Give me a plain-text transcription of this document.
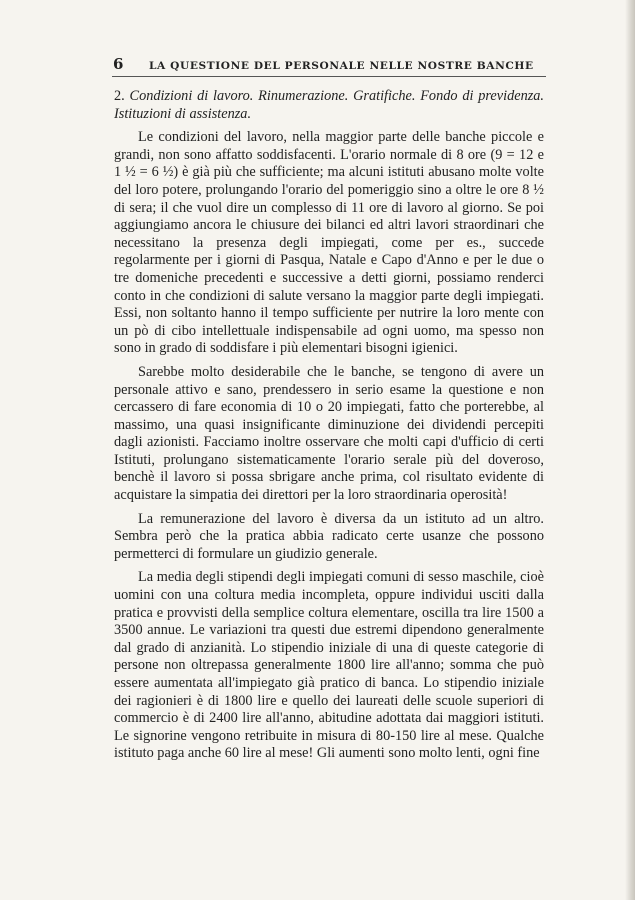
6	LA QUESTIONE DEL PERSONALE NELLE NOSTRE BANCHE

2. Condizioni di lavoro. Rinumerazione. Gratifiche. Fondo di previdenza. Istituzioni di assistenza.

Le condizioni del lavoro, nella maggior parte delle banche piccole e grandi, non sono affatto soddisfacenti. L'orario normale di 8 ore (9 = 12 e 1 ½ = 6 ½) è già più che sufficiente; ma alcuni istituti abusano molte volte del loro potere, prolungando l'orario del pomeriggio sino a oltre le ore 8 ½ di sera; il che vuol dire un complesso di 11 ore di lavoro al giorno. Se poi aggiungiamo ancora le chiusure dei bilanci ed altri lavori straordinari che necessitano la presenza degli impiegati, come per es., succede regolarmente per i giorni di Pasqua, Natale e Capo d'Anno e per le due o tre domeniche precedenti e successive a detti giorni, possiamo renderci conto in che condizioni di salute versano la maggior parte degli impiegati. Essi, non soltanto hanno il tempo sufficiente per nutrire la loro mente con un pò di cibo intellettuale indispensabile ad ogni uomo, ma spesso non sono in grado di soddisfare i più elementari bisogni igienici.

Sarebbe molto desiderabile che le banche, se tengono di avere un personale attivo e sano, prendessero in serio esame la questione e non cercassero di fare economia di 10 o 20 impiegati, fatto che porterebbe, al massimo, una quasi insignificante diminuzione dei dividendi percepiti dagli azionisti. Facciamo inoltre osservare che molti capi d'ufficio di certi Istituti, prolungano sistematicamente l'orario serale più del doveroso, benchè il lavoro si possa sbrigare anche prima, col risultato evidente di acquistare la simpatia dei direttori per la loro straordinaria operosità!

La remunerazione del lavoro è diversa da un istituto ad un altro. Sembra però che la pratica abbia radicato certe usanze che possono permetterci di formulare un giudizio generale.

La media degli stipendi degli impiegati comuni di sesso maschile, cioè uomini con una coltura media incompleta, oppure individui usciti dalla pratica e provvisti della semplice coltura elementare, oscilla tra lire 1500 a 3500 annue. Le variazioni tra questi due estremi dipendono generalmente dal grado di anzianità. Lo stipendio iniziale di una di queste categorie di persone non oltrepassa generalmente 1800 lire all'anno; somma che può essere aumentata all'impiegato già pratico di banca. Lo stipendio iniziale dei ragionieri è di 1800 lire e quello dei laureati delle scuole superiori di commercio è di 2400 lire all'anno, abitudine adottata dai maggiori istituti. Le signorine vengono retribuite in misura di 80-150 lire al mese. Qualche istituto paga anche 60 lire al mese! Gli aumenti sono molto lenti, ogni fine
